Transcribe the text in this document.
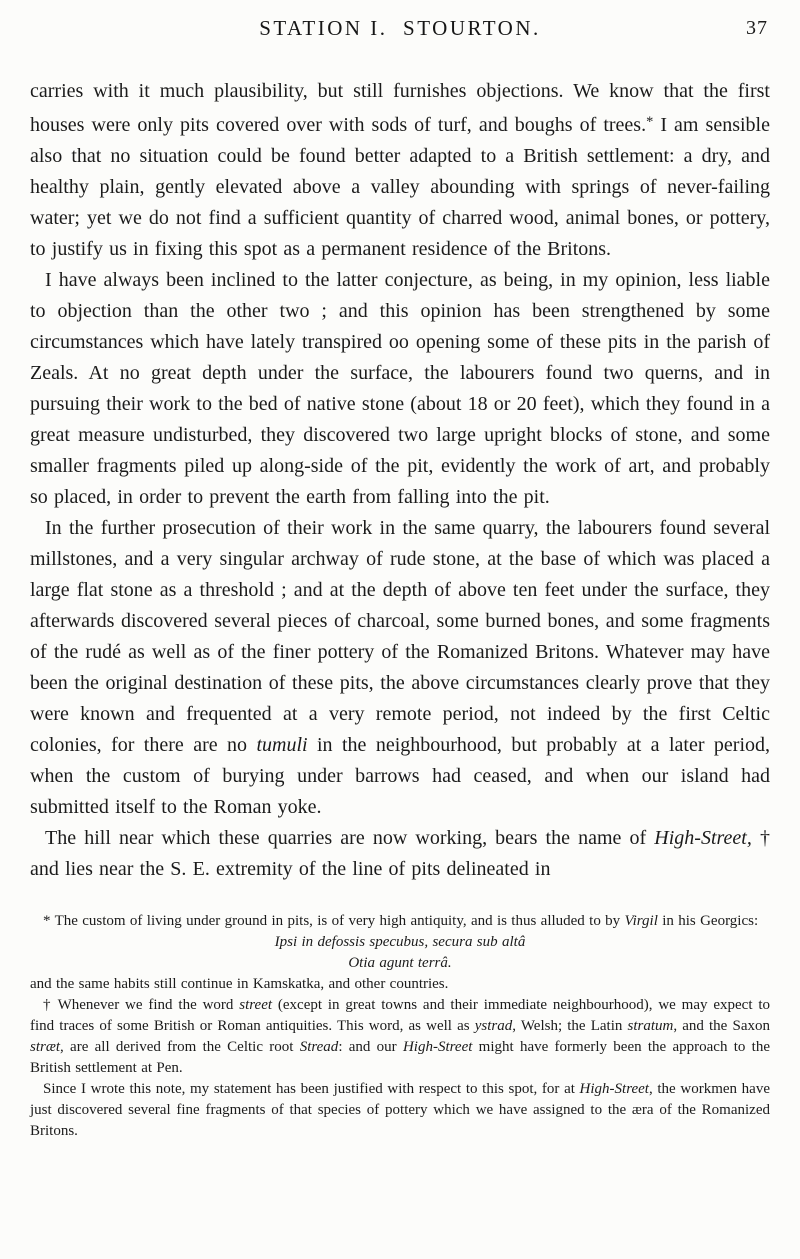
STATION I.  STOURTON.	37

carries with it much plausibility, but still furnishes objections. We know that the first houses were only pits covered over with sods of turf, and boughs of trees.* I am sensible also that no situation could be found better adapted to a British settlement: a dry, and healthy plain, gently elevated above a valley abounding with springs of never-failing water; yet we do not find a sufficient quantity of charred wood, animal bones, or pottery, to justify us in fixing this spot as a permanent residence of the Britons.

I have always been inclined to the latter conjecture, as being, in my opinion, less liable to objection than the other two ; and this opinion has been strengthened by some circumstances which have lately transpired oo opening some of these pits in the parish of Zeals. At no great depth under the surface, the labourers found two querns, and in pursuing their work to the bed of native stone (about 18 or 20 feet), which they found in a great measure undisturbed, they discovered two large upright blocks of stone, and some smaller fragments piled up along-side of the pit, evidently the work of art, and probably so placed, in order to prevent the earth from falling into the pit.

In the further prosecution of their work in the same quarry, the labourers found several millstones, and a very singular archway of rude stone, at the base of which was placed a large flat stone as a threshold ; and at the depth of above ten feet under the surface, they afterwards discovered several pieces of charcoal, some burned bones, and some fragments of the rudé as well as of the finer pottery of the Romanized Britons. Whatever may have been the original destination of these pits, the above circumstances clearly prove that they were known and frequented at a very remote period, not indeed by the first Celtic colonies, for there are no tumuli in the neighbourhood, but probably at a later period, when the custom of burying under barrows had ceased, and when our island had submitted itself to the Roman yoke.

The hill near which these quarries are now working, bears the name of High-Street, † and lies near the S. E. extremity of the line of pits delineated in

* The custom of living under ground in pits, is of very high antiquity, and is thus alluded to by Virgil in his Georgics:

Ipsi in defossis specubus, secura sub altâ
Otia agunt terrâ.

and the same habits still continue in Kamskatka, and other countries.

† Whenever we find the word street (except in great towns and their immediate neighbourhood), we may expect to find traces of some British or Roman antiquities. This word, as well as ystrad, Welsh; the Latin stratum, and the Saxon stræt, are all derived from the Celtic root Stread: and our High-Street might have formerly been the approach to the British settlement at Pen.

Since I wrote this note, my statement has been justified with respect to this spot, for at High-Street, the workmen have just discovered several fine fragments of that species of pottery which we have assigned to the æra of the Romanized Britons.
